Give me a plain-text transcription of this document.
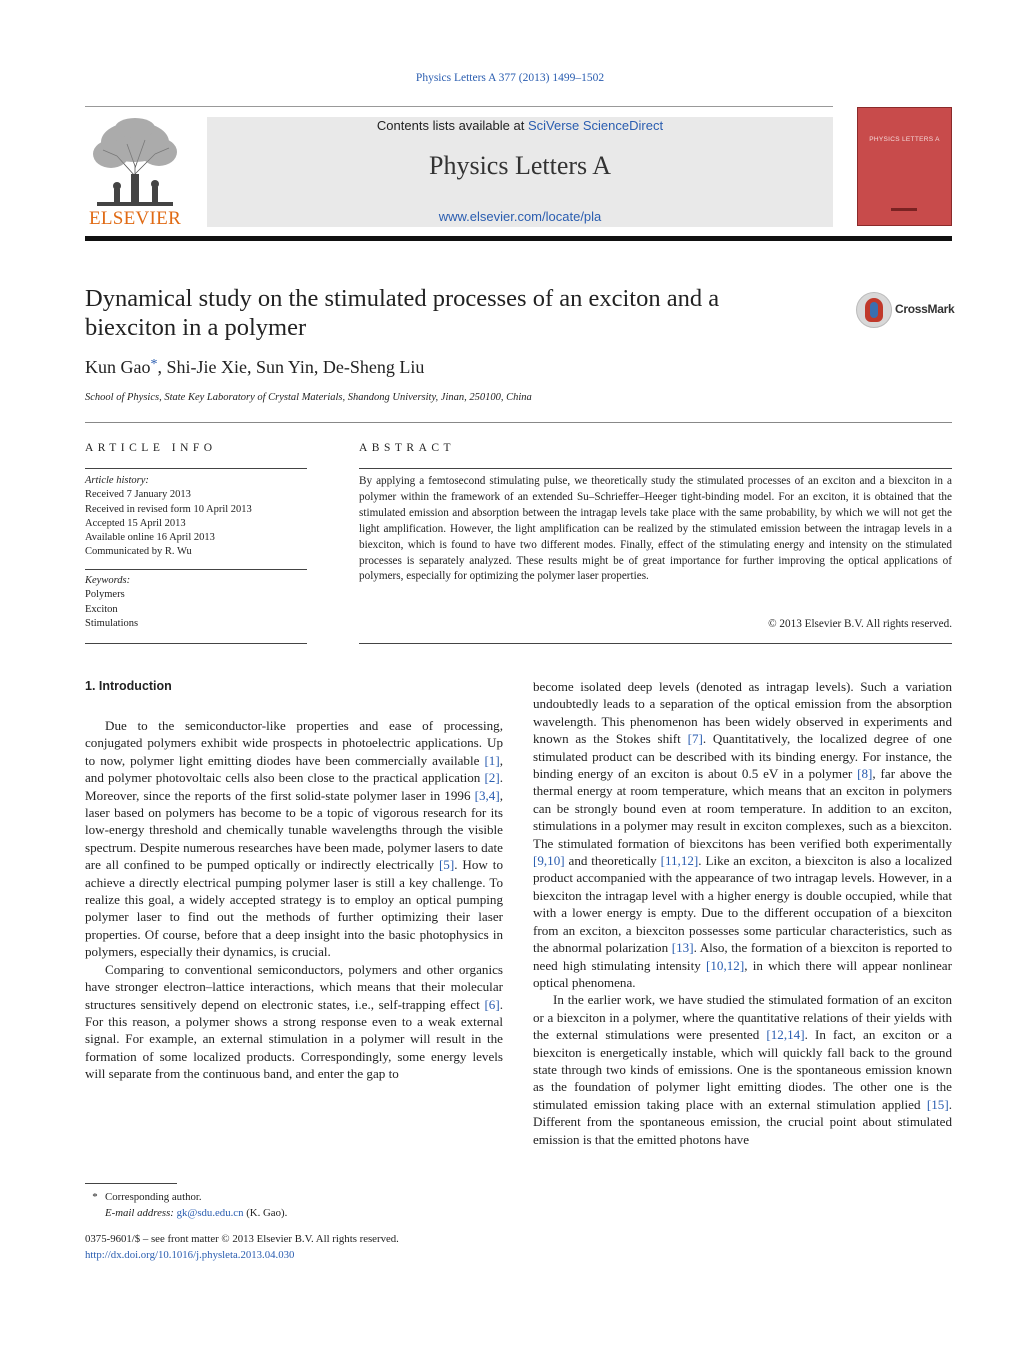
Physics Letters A 377 (2013) 1499–1502
ELSEVIER
Contents lists available at SciVerse ScienceDirect
Physics Letters A
www.elsevier.com/locate/pla
PHYSICS LETTERS A
Dynamical study on the stimulated processes of an exciton and a biexciton in a polymer
CrossMark
Kun Gao*, Shi-Jie Xie, Sun Yin, De-Sheng Liu
School of Physics, State Key Laboratory of Crystal Materials, Shandong University, Jinan, 250100, China
ARTICLE INFO	ABSTRACT
Article history:
Received 7 January 2013
Received in revised form 10 April 2013
Accepted 15 April 2013
Available online 16 April 2013
Communicated by R. Wu
Keywords:
Polymers
Exciton
Stimulations
By applying a femtosecond stimulating pulse, we theoretically study the stimulated processes of an exciton and a biexciton in a polymer within the framework of an extended Su–Schrieffer–Heeger tight-binding model. For an exciton, it is obtained that the stimulated emission and absorption between the intragap levels take place with the same probability, by which we will not get the light amplification. However, the light amplification can be realized by the stimulated emission between the intragap levels in a biexciton, which is found to have two different modes. Finally, effect of the stimulating energy and intensity on the stimulated processes is separately analyzed. These results might be of great importance for further improving the optical applications of polymers, especially for optimizing the polymer laser properties.
© 2013 Elsevier B.V. All rights reserved.
1. Introduction

Due to the semiconductor-like properties and ease of processing, conjugated polymers exhibit wide prospects in photoelectric applications. Up to now, polymer light emitting diodes have been commercially available [1], and polymer photovoltaic cells also been close to the practical application [2]. Moreover, since the reports of the first solid-state polymer laser in 1996 [3,4], laser based on polymers has become to be a topic of vigorous research for its low-energy threshold and chemically tunable wavelengths through the visible spectrum. Despite numerous researches have been made, polymer lasers to date are all confined to be pumped optically or indirectly electrically [5]. How to achieve a directly electrical pumping polymer laser is still a key challenge. To realize this goal, a widely accepted strategy is to employ an optical pumping polymer laser to find out the methods of further optimizing their laser properties. Of course, before that a deep insight into the basic photophysics in polymers, especially their dynamics, is crucial.

Comparing to conventional semiconductors, polymers and other organics have stronger electron–lattice interactions, which means that their molecular structures sensitively depend on electronic states, i.e., self-trapping effect [6]. For this reason, a polymer shows a strong response even to a weak external signal. For example, an external stimulation in a polymer will result in the formation of some localized products. Correspondingly, some energy levels will separate from the continuous band, and enter the gap to

become isolated deep levels (denoted as intragap levels). Such a variation undoubtedly leads to a separation of the optical emission from the absorption wavelength. This phenomenon has been widely observed in experiments and known as the Stokes shift [7]. Quantitatively, the localized degree of one stimulated product can be described with its binding energy. For instance, the binding energy of an exciton is about 0.5 eV in a polymer [8], far above the thermal energy at room temperature, which means that an exciton in polymers can be strongly bound even at room temperature. In addition to an exciton, stimulations in a polymer may result in exciton complexes, such as a biexciton. The stimulated formation of biexcitons has been verified both experimentally [9,10] and theoretically [11,12]. Like an exciton, a biexciton is also a localized product accompanied with the appearance of two intragap levels. However, in a biexciton the intragap level with a higher energy is double occupied, while that with a lower energy is empty. Due to the different occupation of a biexciton from an exciton, a biexciton possesses some particular characteristics, such as the abnormal polarization [13]. Also, the formation of a biexciton is reported to need high stimulating intensity [10,12], in which there will appear nonlinear optical phenomena.

In the earlier work, we have studied the stimulated formation of an exciton or a biexciton in a polymer, where the quantitative relations of their yields with the external stimulations were presented [12,14]. In fact, an exciton or a biexciton is energetically instable, which will quickly fall back to the ground state through two kinds of emissions. One is the spontaneous emission known as the foundation of polymer light emitting diodes. The other one is the stimulated emission taking place with an external stimulation applied [15]. Different from the spontaneous emission, the crucial point about stimulated emission is that the emitted photons have

* Corresponding author.
E-mail address: gk@sdu.edu.cn (K. Gao).
0375-9601/$ – see front matter © 2013 Elsevier B.V. All rights reserved.
http://dx.doi.org/10.1016/j.physleta.2013.04.030
